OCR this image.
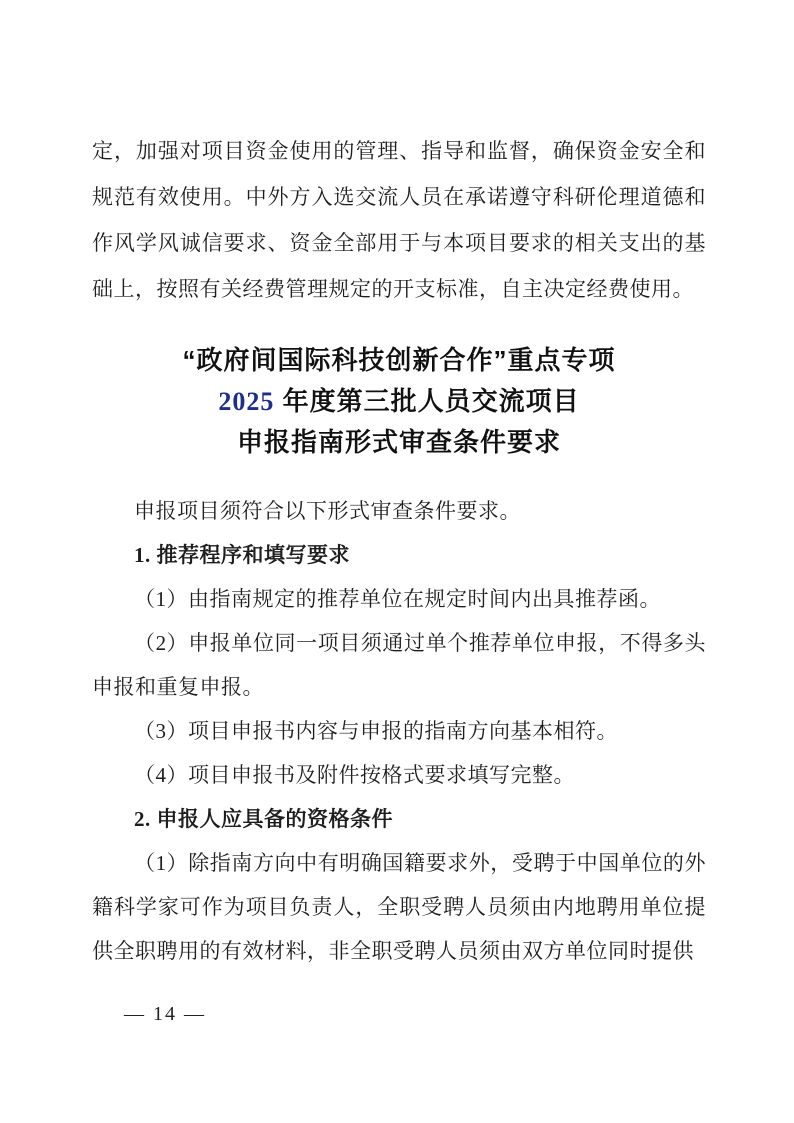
定，加强对项目资金使用的管理、指导和监督，确保资金安全和规范有效使用。中外方入选交流人员在承诺遵守科研伦理道德和作风学风诚信要求、资金全部用于与本项目要求的相关支出的基础上，按照有关经费管理规定的开支标准，自主决定经费使用。

“政府间国际科技创新合作”重点专项
2025 年度第三批人员交流项目
申报指南形式审查条件要求

申报项目须符合以下形式审查条件要求。

1. 推荐程序和填写要求

（1）由指南规定的推荐单位在规定时间内出具推荐函。

（2）申报单位同一项目须通过单个推荐单位申报，不得多头申报和重复申报。

（3）项目申报书内容与申报的指南方向基本相符。

（4）项目申报书及附件按格式要求填写完整。

2. 申报人应具备的资格条件

（1）除指南方向中有明确国籍要求外，受聘于中国单位的外籍科学家可作为项目负责人，全职受聘人员须由内地聘用单位提供全职聘用的有效材料，非全职受聘人员须由双方单位同时提供

— 14 —
